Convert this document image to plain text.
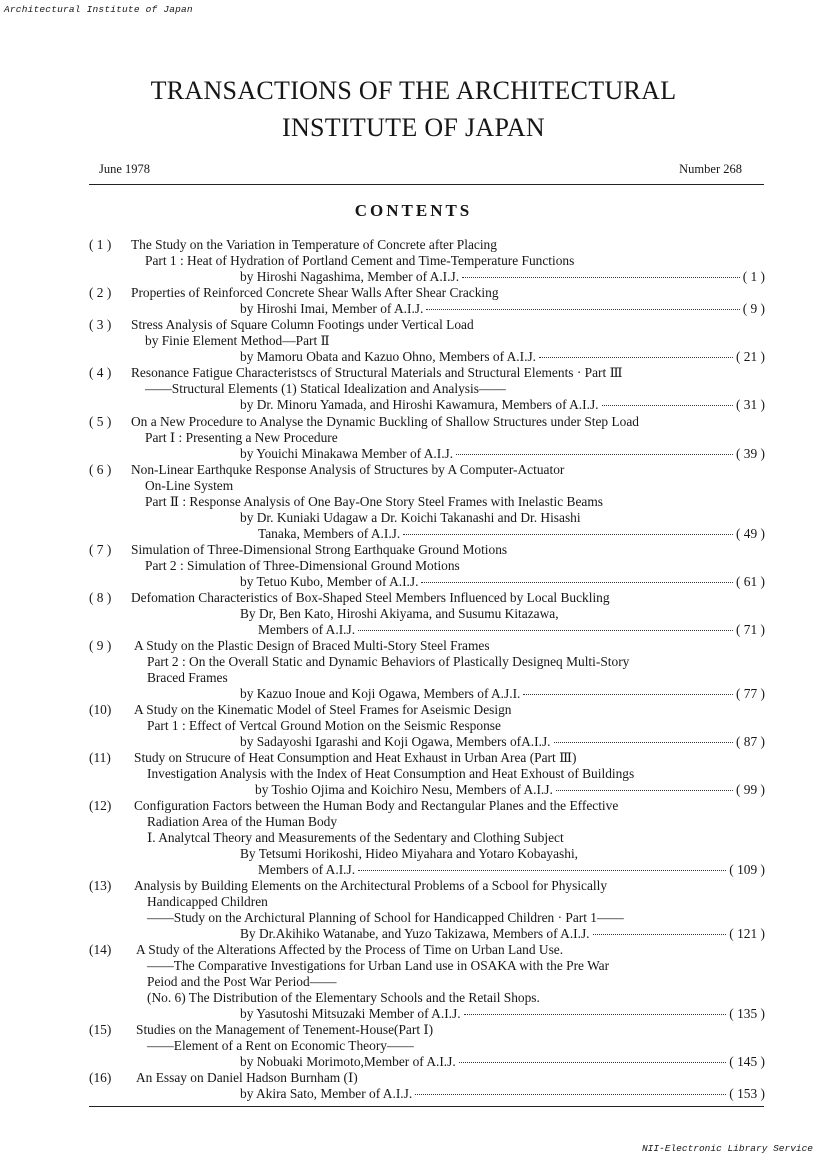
Architectural Institute of Japan
TRANSACTIONS OF THE ARCHITECTURAL
INSTITUTE OF JAPAN
June 1978	Number 268
CONTENTS
( 1 ) The Study on the Variation in Temperature of Concrete after Placing
Part 1 : Heat of Hydration of Portland Cement and Time-Temperature Functions
by Hiroshi Nagashima, Member of A.I.J.	( 1 )
( 2 ) Properties of Reinforced Concrete Shear Walls After Shear Cracking
by Hiroshi Imai, Member of A.I.J.	( 9 )
( 3 ) Stress Analysis of Square Column Footings under Vertical Load
by Finie Element Method—Part Ⅱ
by Mamoru Obata and Kazuo Ohno, Members of A.I.J.	( 21 )
( 4 ) Resonance Fatigue Characteristscs of Structural Materials and Structural Elements · Part Ⅲ
——Structural Elements (1) Statical Idealization and Analysis——
by Dr. Minoru Yamada, and Hiroshi Kawamura, Members of A.I.J.	( 31 )
( 5 ) On a New Procedure to Analyse the Dynamic Buckling of Shallow Structures under Step Load
Part Ⅰ : Presenting a New Procedure
by Youichi Minakawa Member of A.I.J.	( 39 )
( 6 ) Non-Linear Earthquke Response Analysis of Structures by A Computer-Actuator
On-Line System
Part Ⅱ : Response Analysis of One Bay-One Story Steel Frames with Inelastic Beams
by Dr. Kuniaki Udagaw a Dr. Koichi Takanashi and Dr. Hisashi
Tanaka, Members of A.I.J.	( 49 )
( 7 ) Simulation of Three-Dimensional Strong Earthquake Ground Motions
Part 2 : Simulation of Three-Dimensional Ground Motions
by Tetuo Kubo, Member of A.I.J.	( 61 )
( 8 ) Defomation Characteristics of Box-Shaped Steel Members Influenced by Local Buckling
By Dr, Ben Kato, Hiroshi Akiyama, and Susumu Kitazawa,
Members of A.I.J.	( 71 )
( 9 ) A Study on the Plastic Design of Braced Multi-Story Steel Frames
Part 2 : On the Overall Static and Dynamic Behaviors of Plastically Designeq Multi-Story
Braced Frames
by Kazuo Inoue and Koji Ogawa, Members of A.J.I.	( 77 )
(10) A Study on the Kinematic Model of Steel Frames for Aseismic Design
Part 1 : Effect of Vertcal Ground Motion on the Seismic Response
by Sadayoshi Igarashi and Koji Ogawa, Members ofA.I.J.	( 87 )
(11) Study on Strucure of Heat Consumption and Heat Exhaust in Urban Area (Part Ⅲ)
Investigation Analysis with the Index of Heat Consumption and Heat Exhoust of Buildings
by Toshio Ojima and Koichiro Nesu, Members of A.I.J.	( 99 )
(12) Configuration Factors between the Human Body and Rectangular Planes and the Effective
Radiation Area of the Human Body
Ⅰ. Analytcal Theory and Measurements of the Sedentary and Clothing Subject
By Tetsumi Horikoshi, Hideo Miyahara and Yotaro Kobayashi,
Members of A.I.J.	( 109 )
(13) Analysis by Building Elements on the Architectural Problems of a Scbool for Physically
Handicapped Children
——Study on the Archictural Planning of School for Handicapped Children · Part 1——
By Dr.Akihiko Watanabe, and Yuzo Takizawa, Members of A.I.J.	( 121 )
(14) A Study of the Alterations Affected by the Process of Time on Urban Land Use.
——The Comparative Investigations for Urban Land use in OSAKA with the Pre War
Peiod and the Post War Period——
(No. 6) The Distribution of the Elementary Schools and the Retail Shops.
by Yasutoshi Mitsuzaki Member of A.I.J.	( 135 )
(15) Studies on the Management of Tenement-House(Part Ⅰ)
——Element of a Rent on Economic Theory——
by Nobuaki Morimoto,Member of A.I.J.	( 145 )
(16) An Essay on Daniel Hadson Burnham (Ⅰ)
by Akira Sato, Member of A.I.J.	( 153 )
NII-Electronic Library Service
